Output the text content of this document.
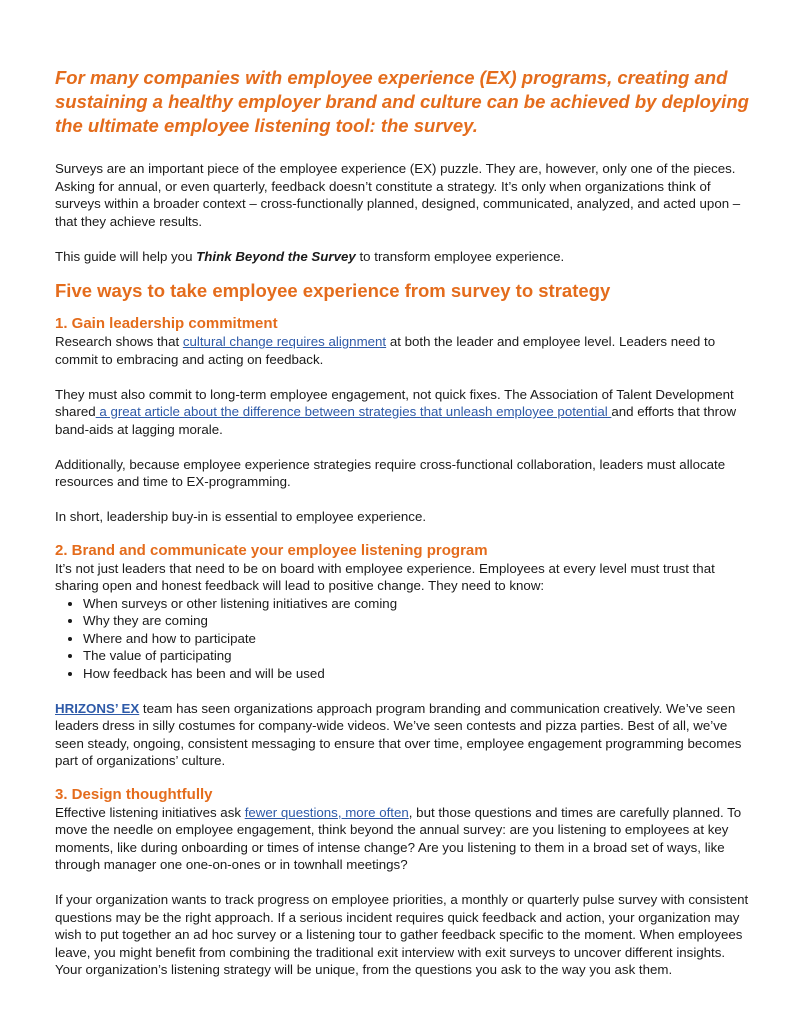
For many companies with employee experience (EX) programs, creating and sustaining a healthy employer brand and culture can be achieved by deploying the ultimate employee listening tool: the survey.

Surveys are an important piece of the employee experience (EX) puzzle. They are, however, only one of the pieces. Asking for annual, or even quarterly, feedback doesn’t constitute a strategy. It’s only when organizations think of surveys within a broader context – cross-functionally planned, designed, communicated, analyzed, and acted upon – that they achieve results.

This guide will help you Think Beyond the Survey to transform employee experience.

Five ways to take employee experience from survey to strategy
1. Gain leadership commitment

Research shows that cultural change requires alignment at both the leader and employee level. Leaders need to commit to embracing and acting on feedback.

They must also commit to long-term employee engagement, not quick fixes. The Association of Talent Development shared a great article about the difference between strategies that unleash employee potential and efforts that throw band-aids at lagging morale.

Additionally, because employee experience strategies require cross-functional collaboration, leaders must allocate resources and time to EX-programming.

In short, leadership buy-in is essential to employee experience.

2. Brand and communicate your employee listening program

It’s not just leaders that need to be on board with employee experience. Employees at every level must trust that sharing open and honest feedback will lead to positive change. They need to know:

• When surveys or other listening initiatives are coming
• Why they are coming
• Where and how to participate
• The value of participating
• How feedback has been and will be used

HRIZONS’ EX team has seen organizations approach program branding and communication creatively. We’ve seen leaders dress in silly costumes for company-wide videos. We’ve seen contests and pizza parties. Best of all, we’ve seen steady, ongoing, consistent messaging to ensure that over time, employee engagement programming becomes part of organizations’ culture.

3. Design thoughtfully

Effective listening initiatives ask fewer questions, more often, but those questions and times are carefully planned. To move the needle on employee engagement, think beyond the annual survey: are you listening to employees at key moments, like during onboarding or times of intense change? Are you listening to them in a broad set of ways, like through manager one one-on-ones or in townhall meetings?

If your organization wants to track progress on employee priorities, a monthly or quarterly pulse survey with consistent questions may be the right approach. If a serious incident requires quick feedback and action, your organization may wish to put together an ad hoc survey or a listening tour to gather feedback specific to the moment. When employees leave, you might benefit from combining the traditional exit interview with exit surveys to uncover different insights. Your organization’s listening strategy will be unique, from the questions you ask to the way you ask them.
